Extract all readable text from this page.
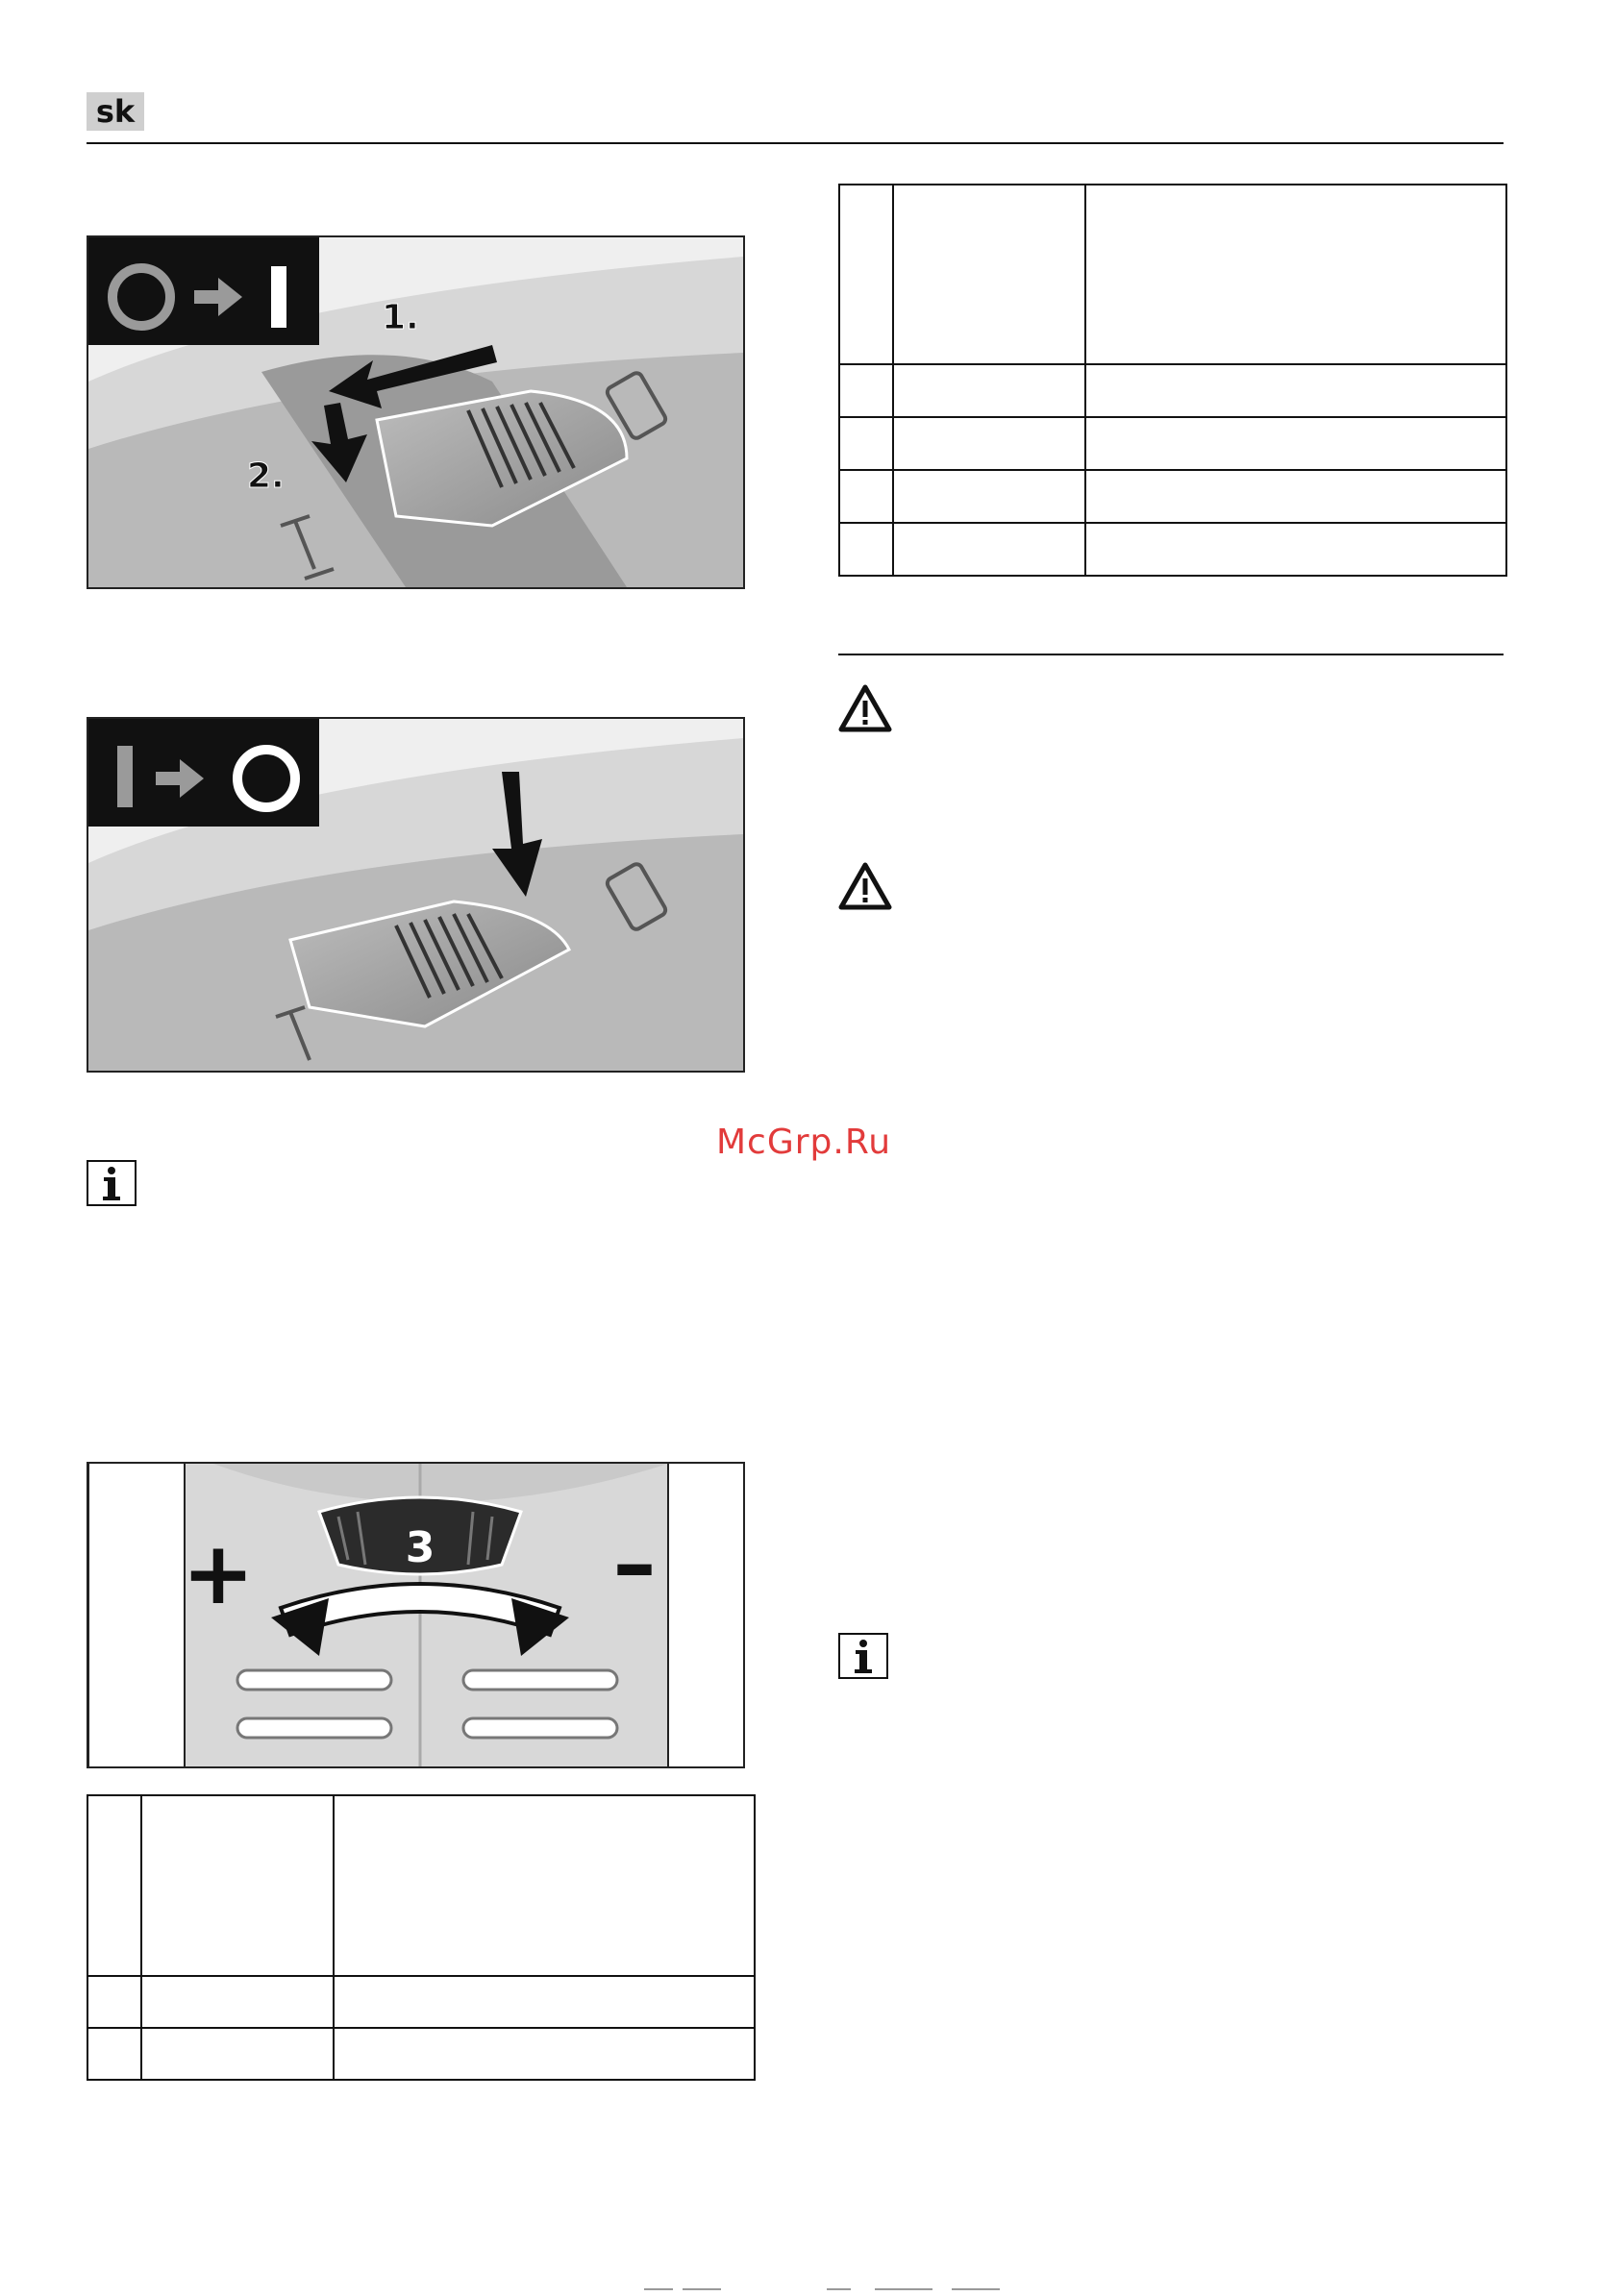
sk
1.
2.
3
+	–

McGrp.Ru
